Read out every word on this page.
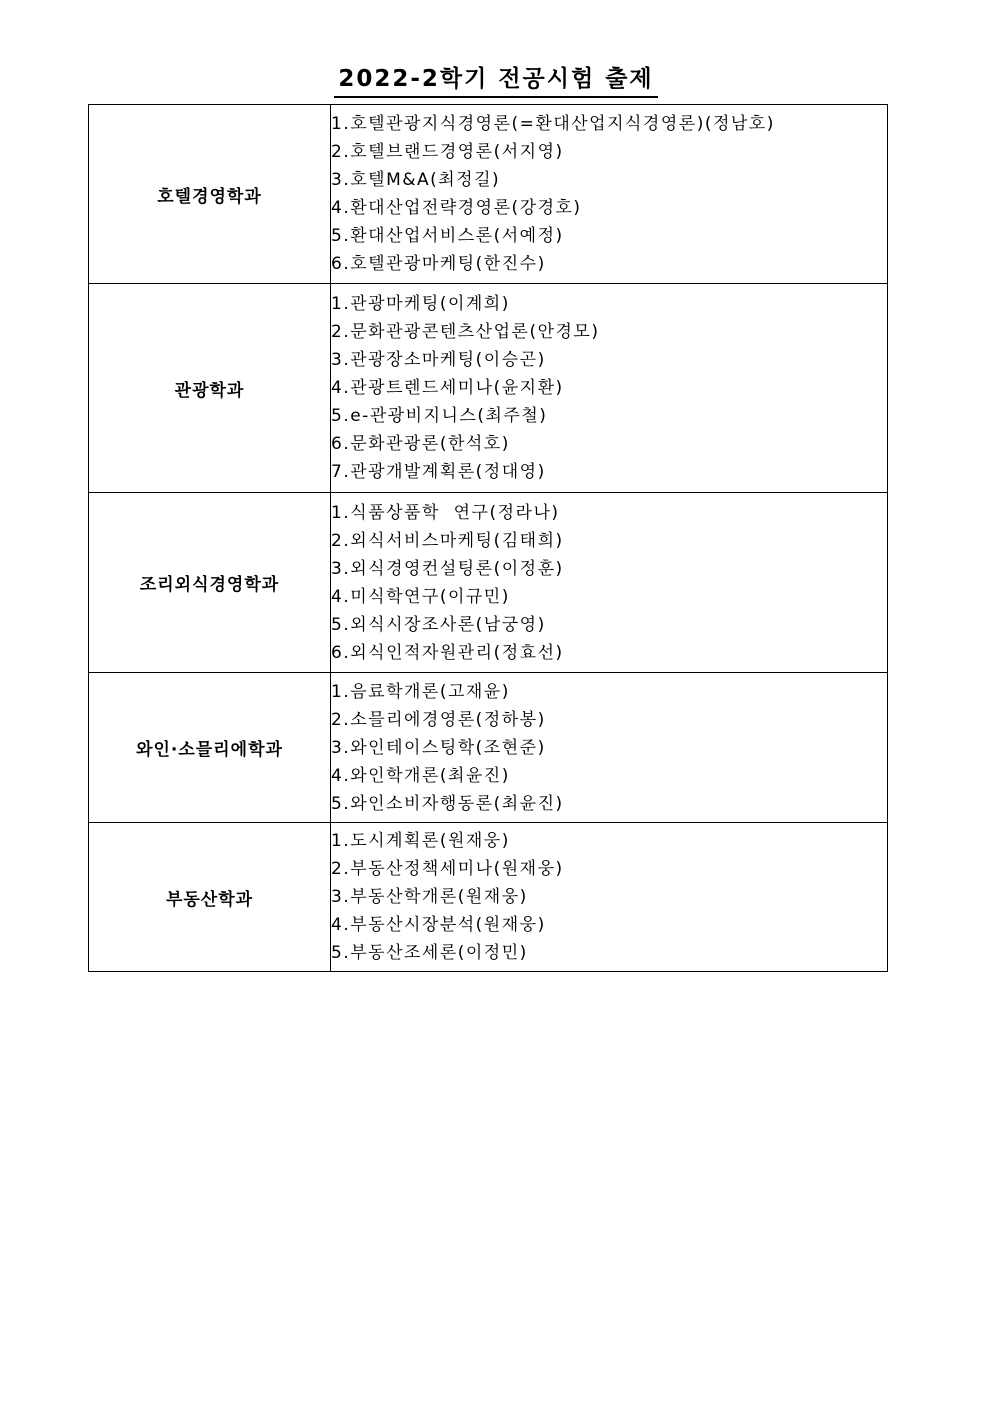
2022-2학기 전공시험 출제
호텔경영학과	
1.호텔관광지식경영론(=환대산업지식경영론)(정남호)
2.호텔브랜드경영론(서지영)
3.호텔M&A(최정길)
4.환대산업전략경영론(강경호)
5.환대산업서비스론(서예정)
6.호텔관광마케팅(한진수)

관광학과	
1.관광마케팅(이계희)
2.문화관광콘텐츠산업론(안경모)
3.관광장소마케팅(이승곤)
4.관광트렌드세미나(윤지환)
5.e-관광비지니스(최주철)
6.문화관광론(한석호)
7.관광개발계획론(정대영)

조리외식경영학과	
1.식품상품학  연구(정라나)
2.외식서비스마케팅(김태희)
3.외식경영컨설팅론(이정훈)
4.미식학연구(이규민)
5.외식시장조사론(남궁영)
6.외식인적자원관리(정효선)

와인·소믈리에학과	1.음료학개론(고재윤)
2.소믈리에경영론(정하봉)
3.와인테이스팅학(조현준)
4.와인학개론(최윤진)
5.와인소비자행동론(최윤진)

부동산학과	1.도시계획론(원재웅)
2.부동산정책세미나(원재웅)
3.부동산학개론(원재웅)
4.부동산시장분석(원재웅)
5.부동산조세론(이정민)
